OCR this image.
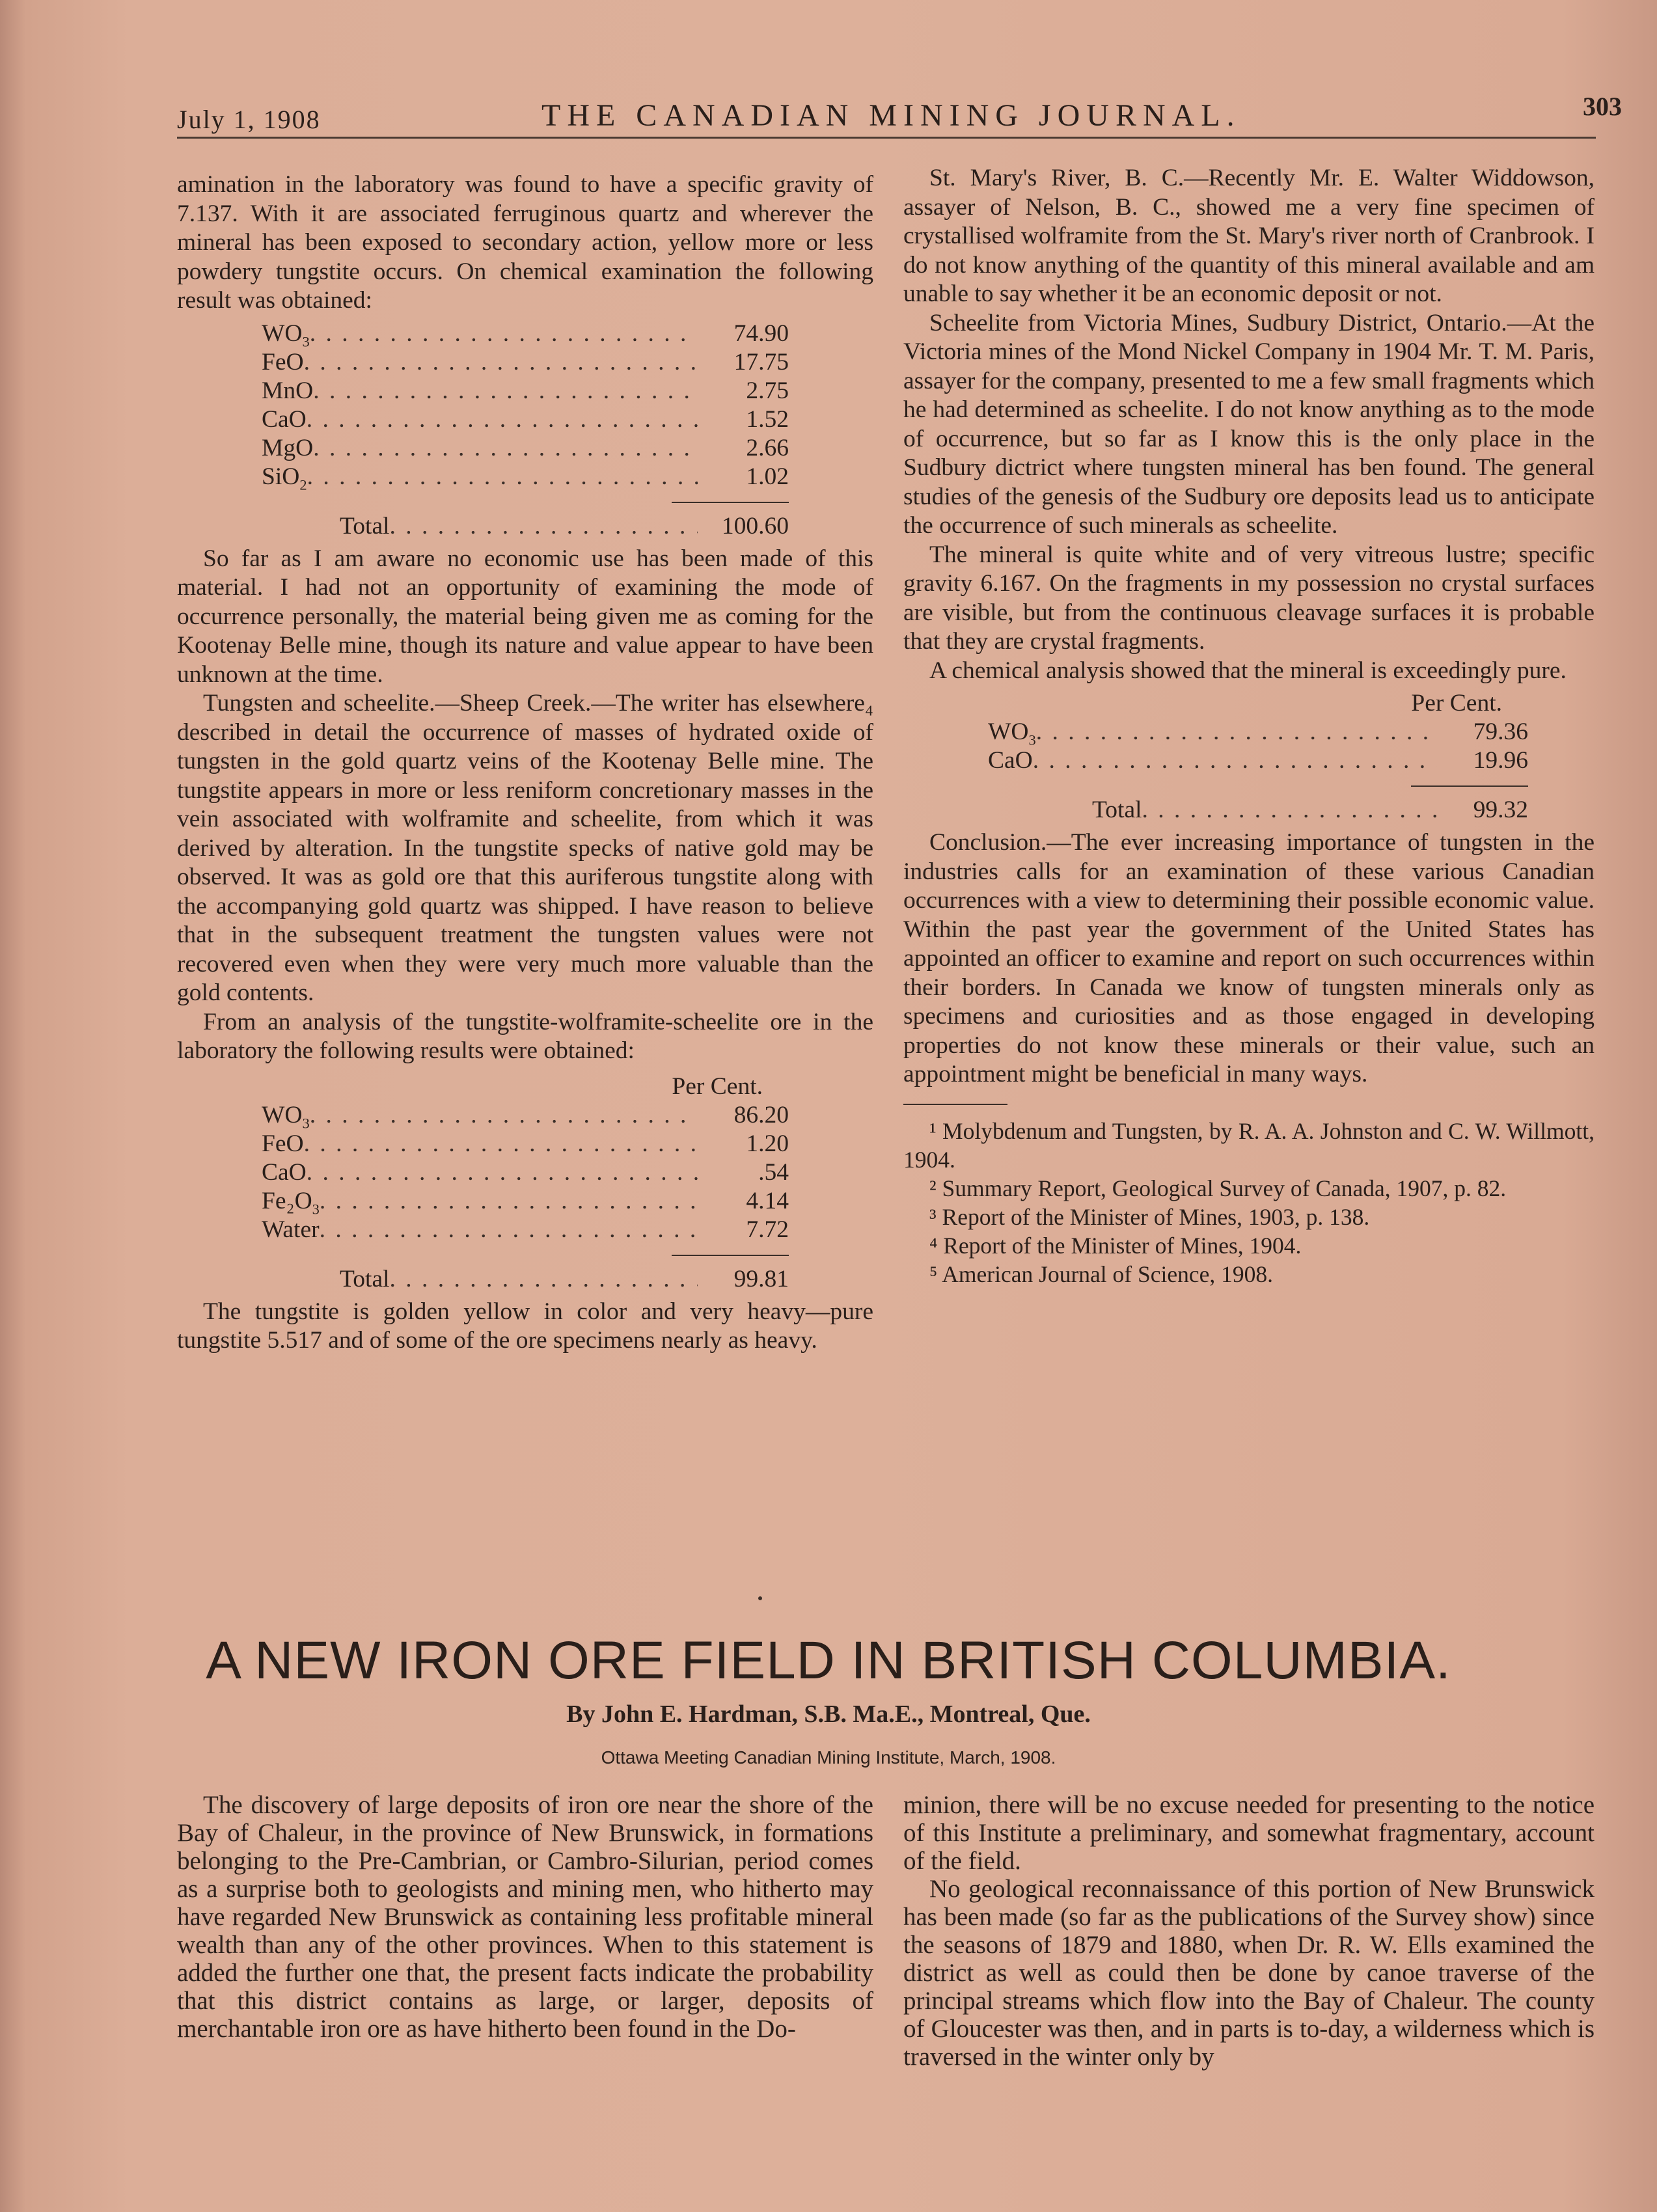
July 1, 1908	THE CANADIAN MINING JOURNAL.	303

amination in the laboratory was found to have a specific gravity of 7.137. With it are associated ferruginous quartz and wherever the mineral has been exposed to secondary action, yellow more or less powdery tungstite occurs. On chemical examination the following result was obtained:

$WO_3$ . . .	74.90
FeO . . .	17.75
MnO . . .	2.75
CaO . . .	1.52
MgO . . .	2.66
SiO$_2$ . . .	1.02
Total . . .	100.60

So far as I am aware no economic use has been made of this material. I had not an opportunity of examining the mode of occurrence personally, the material being given me as coming for the Kootenay Belle mine, though its nature and value appear to have been unknown at the time.

Tungsten and scheelite.—Sheep Creek.—The writer has elsewhere₄ described in detail the occurrence of masses of hydrated oxide of tungsten in the gold quartz veins of the Kootenay Belle mine. The tungstite appears in more or less reniform concretionary masses in the vein associated with wolframite and scheelite, from which it was derived by alteration. In the tungstite specks of native gold may be observed. It was as gold ore that this auriferous tungstite along with the accompanying gold quartz was shipped. I have reason to believe that in the subsequent treatment the tungsten values were not recovered even when they were very much more valuable than the gold contents.

From an analysis of the tungstite-wolframite-scheelite ore in the laboratory the following results were obtained:

Per Cent.
$WO_3$ . . .	86.20
FeO . . .	1.20
CaO . . .	.54
$Fe_2O_3$ . . .	4.14
Water . . .	7.72
Total . . .	99.81

The tungstite is golden yellow in color and very heavy—pure tungstite 5.517 and of some of the ore specimens nearly as heavy.

St. Mary's River, B. C.—Recently Mr. E. Walter Widdowson, assayer of Nelson, B. C., showed me a very fine specimen of crystallised wolframite from the St. Mary's river north of Cranbrook. I do not know anything of the quantity of this mineral available and am unable to say whether it be an economic deposit or not.

Scheelite from Victoria Mines, Sudbury District, Ontario.—At the Victoria mines of the Mond Nickel Company in 1904 Mr. T. M. Paris, assayer for the company, presented to me a few small fragments which he had determined as scheelite. I do not know anything as to the mode of occurrence, but so far as I know this is the only place in the Sudbury dictrict where tungsten mineral has ben found. The general studies of the genesis of the Sudbury ore deposits lead us to anticipate the occurrence of such minerals as scheelite.

The mineral is quite white and of very vitreous lustre; specific gravity 6.167. On the fragments in my possession no crystal surfaces are visible, but from the continuous cleavage surfaces it is probable that they are crystal fragments.

A chemical analysis showed that the mineral is exceedingly pure.

Per Cent.
$WO_3$ . . .	79.36
CaO . . .	19.96
Total . . .	99.32

Conclusion.—The ever increasing importance of tungsten in the industries calls for an examination of these various Canadian occurrences with a view to determining their possible economic value. Within the past year the government of the United States has appointed an officer to examine and report on such occurrences within their borders. In Canada we know of tungsten minerals only as specimens and curiosities and as those engaged in developing properties do not know these minerals or their value, such an appointment might be beneficial in many ways.

¹ Molybdenum and Tungsten, by R. A. A. Johnston and C. W. Willmott, 1904.

² Summary Report, Geological Survey of Canada, 1907, p. 82.

³ Report of the Minister of Mines, 1903, p. 138.

⁴ Report of the Minister of Mines, 1904.

⁵ American Journal of Science, 1908.

A NEW IRON ORE FIELD IN BRITISH COLUMBIA.
By John E. Hardman, S.B. Ma.E., Montreal, Que.
Ottawa Meeting Canadian Mining Institute, March, 1908.

The discovery of large deposits of iron ore near the shore of the Bay of Chaleur, in the province of New Brunswick, in formations belonging to the Pre-Cambrian, or Cambro-Silurian, period comes as a surprise both to geologists and mining men, who hitherto may have regarded New Brunswick as containing less profitable mineral wealth than any of the other provinces. When to this statement is added the further one that, the present facts indicate the probability that this district contains as large, or larger, deposits of merchantable iron ore as have hitherto been found in the Do-

minion, there will be no excuse needed for presenting to the notice of this Institute a preliminary, and somewhat fragmentary, account of the field.

No geological reconnaissance of this portion of New Brunswick has been made (so far as the publications of the Survey show) since the seasons of 1879 and 1880, when Dr. R. W. Ells examined the district as well as could then be done by canoe traverse of the principal streams which flow into the Bay of Chaleur. The county of Gloucester was then, and in parts is to-day, a wilderness which is traversed in the winter only by
